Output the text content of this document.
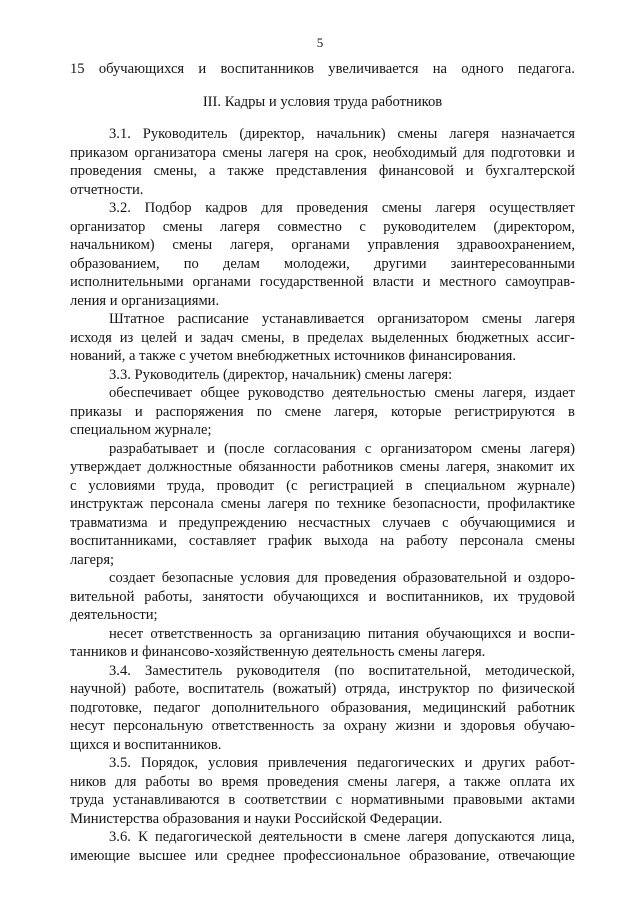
5
15 обучающихся и воспитанников увеличивается на одного педагога.
III. Кадры и условия труда работников
3.1. Руководитель (директор, начальник) смены лагеря назначается
приказом организатора смены лагеря на срок, необходимый для подготовки и
проведения смены, а также представления финансовой и бухгалтерской
отчетности.
3.2. Подбор кадров для проведения смены лагеря осуществляет
организатор смены лагеря совместно с руководителем (директором,
начальником) смены лагеря, органами управления здравоохранением,
образованием, по делам молодежи, другими заинтересованными
исполнительными органами государственной власти и местного самоуправ-
ления и организациями.
Штатное расписание устанавливается организатором смены лагеря
исходя из целей и задач смены, в пределах выделенных бюджетных ассиг-
нований, а также с учетом внебюджетных источников финансирования.
3.3. Руководитель (директор, начальник) смены лагеря:
обеспечивает общее руководство деятельностью смены лагеря, издает
приказы и распоряжения по смене лагеря, которые регистрируются в
специальном журнале;
разрабатывает и (после согласования с организатором смены лагеря)
утверждает должностные обязанности работников смены лагеря, знакомит их
с условиями труда, проводит (с регистрацией в специальном журнале)
инструктаж персонала смены лагеря по технике безопасности, профилактике
травматизма и предупреждению несчастных случаев с обучающимися и
воспитанниками, составляет график выхода на работу персонала смены
лагеря;
создает безопасные условия для проведения образовательной и оздоро-
вительной работы, занятости обучающихся и воспитанников, их трудовой
деятельности;
несет ответственность за организацию питания обучающихся и воспи-
танников и финансово-хозяйственную деятельность смены лагеря.
3.4. Заместитель руководителя (по воспитательной, методической,
научной) работе, воспитатель (вожатый) отряда, инструктор по физической
подготовке, педагог дополнительного образования, медицинский работник
несут персональную ответственность за охрану жизни и здоровья обучаю-
щихся и воспитанников.
3.5. Порядок, условия привлечения педагогических и других работ-
ников для работы во время проведения смены лагеря, а также оплата их
труда устанавливаются в соответствии с нормативными правовыми актами
Министерства образования и науки Российской Федерации.
3.6. К педагогической деятельности в смене лагеря допускаются лица,
имеющие высшее или среднее профессиональное образование, отвечающие
